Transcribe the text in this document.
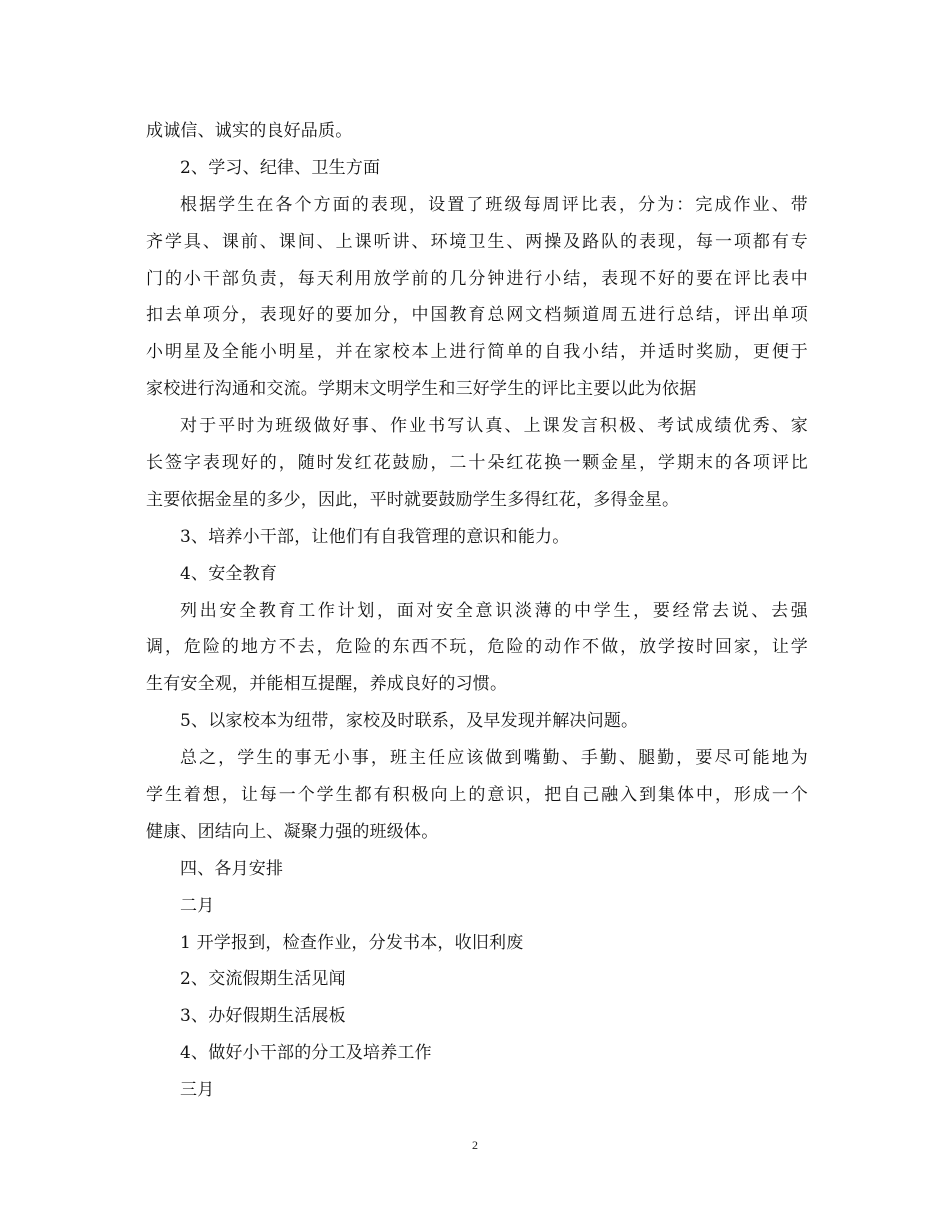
成诚信、诚实的良好品质。
2、学习、纪律、卫生方面
根据学生在各个方面的表现，设置了班级每周评比表，分为：完成作业、带
齐学具、课前、课间、上课听讲、环境卫生、两操及路队的表现，每一项都有专
门的小干部负责，每天利用放学前的几分钟进行小结，表现不好的要在评比表中
扣去单项分，表现好的要加分，中国教育总网文档频道周五进行总结，评出单项
小明星及全能小明星，并在家校本上进行简单的自我小结，并适时奖励，更便于
家校进行沟通和交流。学期末文明学生和三好学生的评比主要以此为依据
对于平时为班级做好事、作业书写认真、上课发言积极、考试成绩优秀、家
长签字表现好的，随时发红花鼓励，二十朵红花换一颗金星，学期末的各项评比
主要依据金星的多少，因此，平时就要鼓励学生多得红花，多得金星。
3、培养小干部，让他们有自我管理的意识和能力。
4、安全教育
列出安全教育工作计划，面对安全意识淡薄的中学生，要经常去说、去强
调，危险的地方不去，危险的东西不玩，危险的动作不做，放学按时回家，让学
生有安全观，并能相互提醒，养成良好的习惯。
5、以家校本为纽带，家校及时联系，及早发现并解决问题。
总之，学生的事无小事，班主任应该做到嘴勤、手勤、腿勤，要尽可能地为
学生着想，让每一个学生都有积极向上的意识，把自己融入到集体中，形成一个
健康、团结向上、凝聚力强的班级体。
四、各月安排
二月
1 开学报到，检查作业，分发书本，收旧利废
2、交流假期生活见闻
3、办好假期生活展板
4、做好小干部的分工及培养工作
三月
2
